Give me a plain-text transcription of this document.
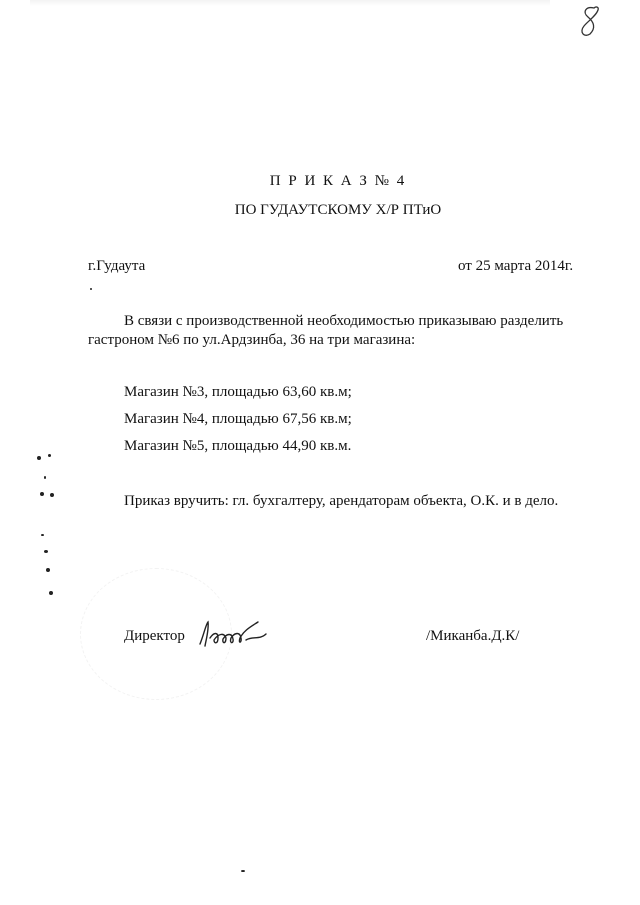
П Р И К А З № 4
ПО ГУДАУТСКОМУ Х/Р ПТиО
г.Гудаута	от 25 марта 2014г.
В связи с производственной необходимостью приказываю разделить
гастроном №6 по ул.Ардзинба, 36 на три магазина:
Магазин №3, площадью 63,60 кв.м;
Магазин №4, площадью 67,56 кв.м;
Магазин №5, площадью 44,90 кв.м.
Приказ вручить: гл. бухгалтеру, арендаторам объекта, О.К. и в дело.
Директор	/Миканба.Д.К/
